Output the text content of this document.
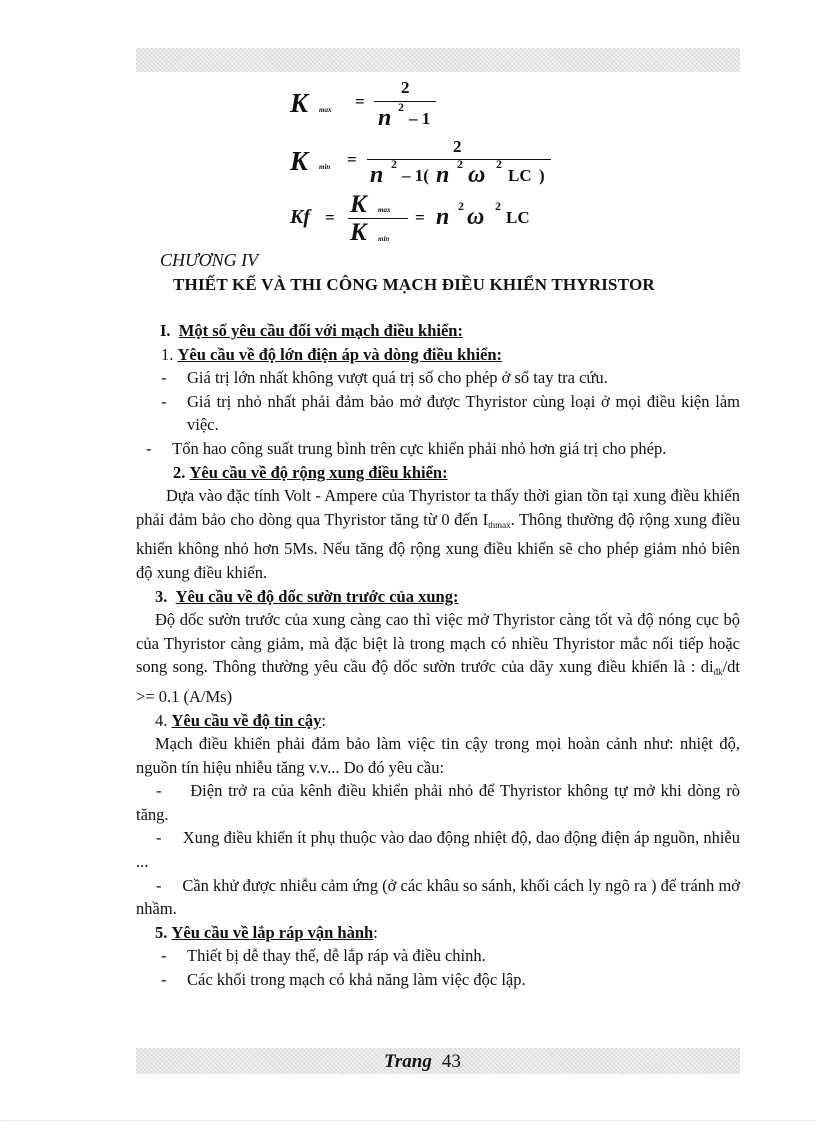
K max =
2
n 2
– 1
K min =
2
n 2
– 1( n 2 ω 2
LC )
Kf = K max
K min
= n 2 ω 2
LC
CHƯƠNG IV
THIẾT KẾ VÀ THI CÔNG MẠCH ĐIỀU KHIỂN THYRISTOR

I. Một số yêu cầu đối với mạch điều khiển:

1. Yêu cầu về độ lớn điện áp và dòng điều khiển:

-	Giá trị lớn nhất không vượt quá trị số cho phép ở sổ tay tra cứu.
-	Giá trị nhỏ nhất phải đảm bảo mở được Thyristor cùng loại ở mọi điều kiện làm việc.

- Tổn hao công suất trung bình trên cực khiển phải nhỏ hơn giá trị cho phép.

2. Yêu cầu về độ rộng xung điều khiển:

Dựa vào đặc tính Volt - Ampere của Thyristor ta thấy thời gian tồn tại xung điều khiển phải đảm bảo cho dòng qua Thyristor tăng từ 0 đến Ithmax. Thông thường độ rộng xung điều khiển không nhỏ hơn 5Ms. Nếu tăng độ rộng xung điều khiển sẽ cho phép giảm nhỏ biên độ xung điều khiển.

3. Yêu cầu về độ dốc sườn trước của xung:

Độ dốc sườn trước của xung càng cao thì việc mở Thyristor càng tốt và độ nóng cục bộ của Thyristor càng giảm, mà đặc biệt là trong mạch có nhiều Thyristor mắc nối tiếp hoặc song song. Thông thường yêu cầu độ dốc sườn trước của dãy xung điều khiển là : diđk/dt >= 0.1 (A/Ms)

4. Yêu cầu về độ tin cậy:

Mạch điều khiển phải đảm bảo làm việc tin cậy trong mọi hoàn cảnh như: nhiệt độ, nguồn tín hiệu nhiễu tăng v.v... Do đó yêu cầu:

- Điện trở ra của kênh điều khiển phải nhỏ để Thyristor không tự mở khi dòng rò tăng.

- Xung điều khiển ít phụ thuộc vào dao động nhiệt độ, dao động điện áp nguồn, nhiễu ...

- Cần khử được nhiễu cảm ứng (ở các khâu so sánh, khối cách ly ngõ ra ) để tránh mở nhầm.

5. Yêu cầu về lắp ráp vận hành:

-	Thiết bị dễ thay thế, dễ lắp ráp và điều chỉnh.
-	Các khối trong mạch có khả năng làm việc độc lập.
Trang 43
